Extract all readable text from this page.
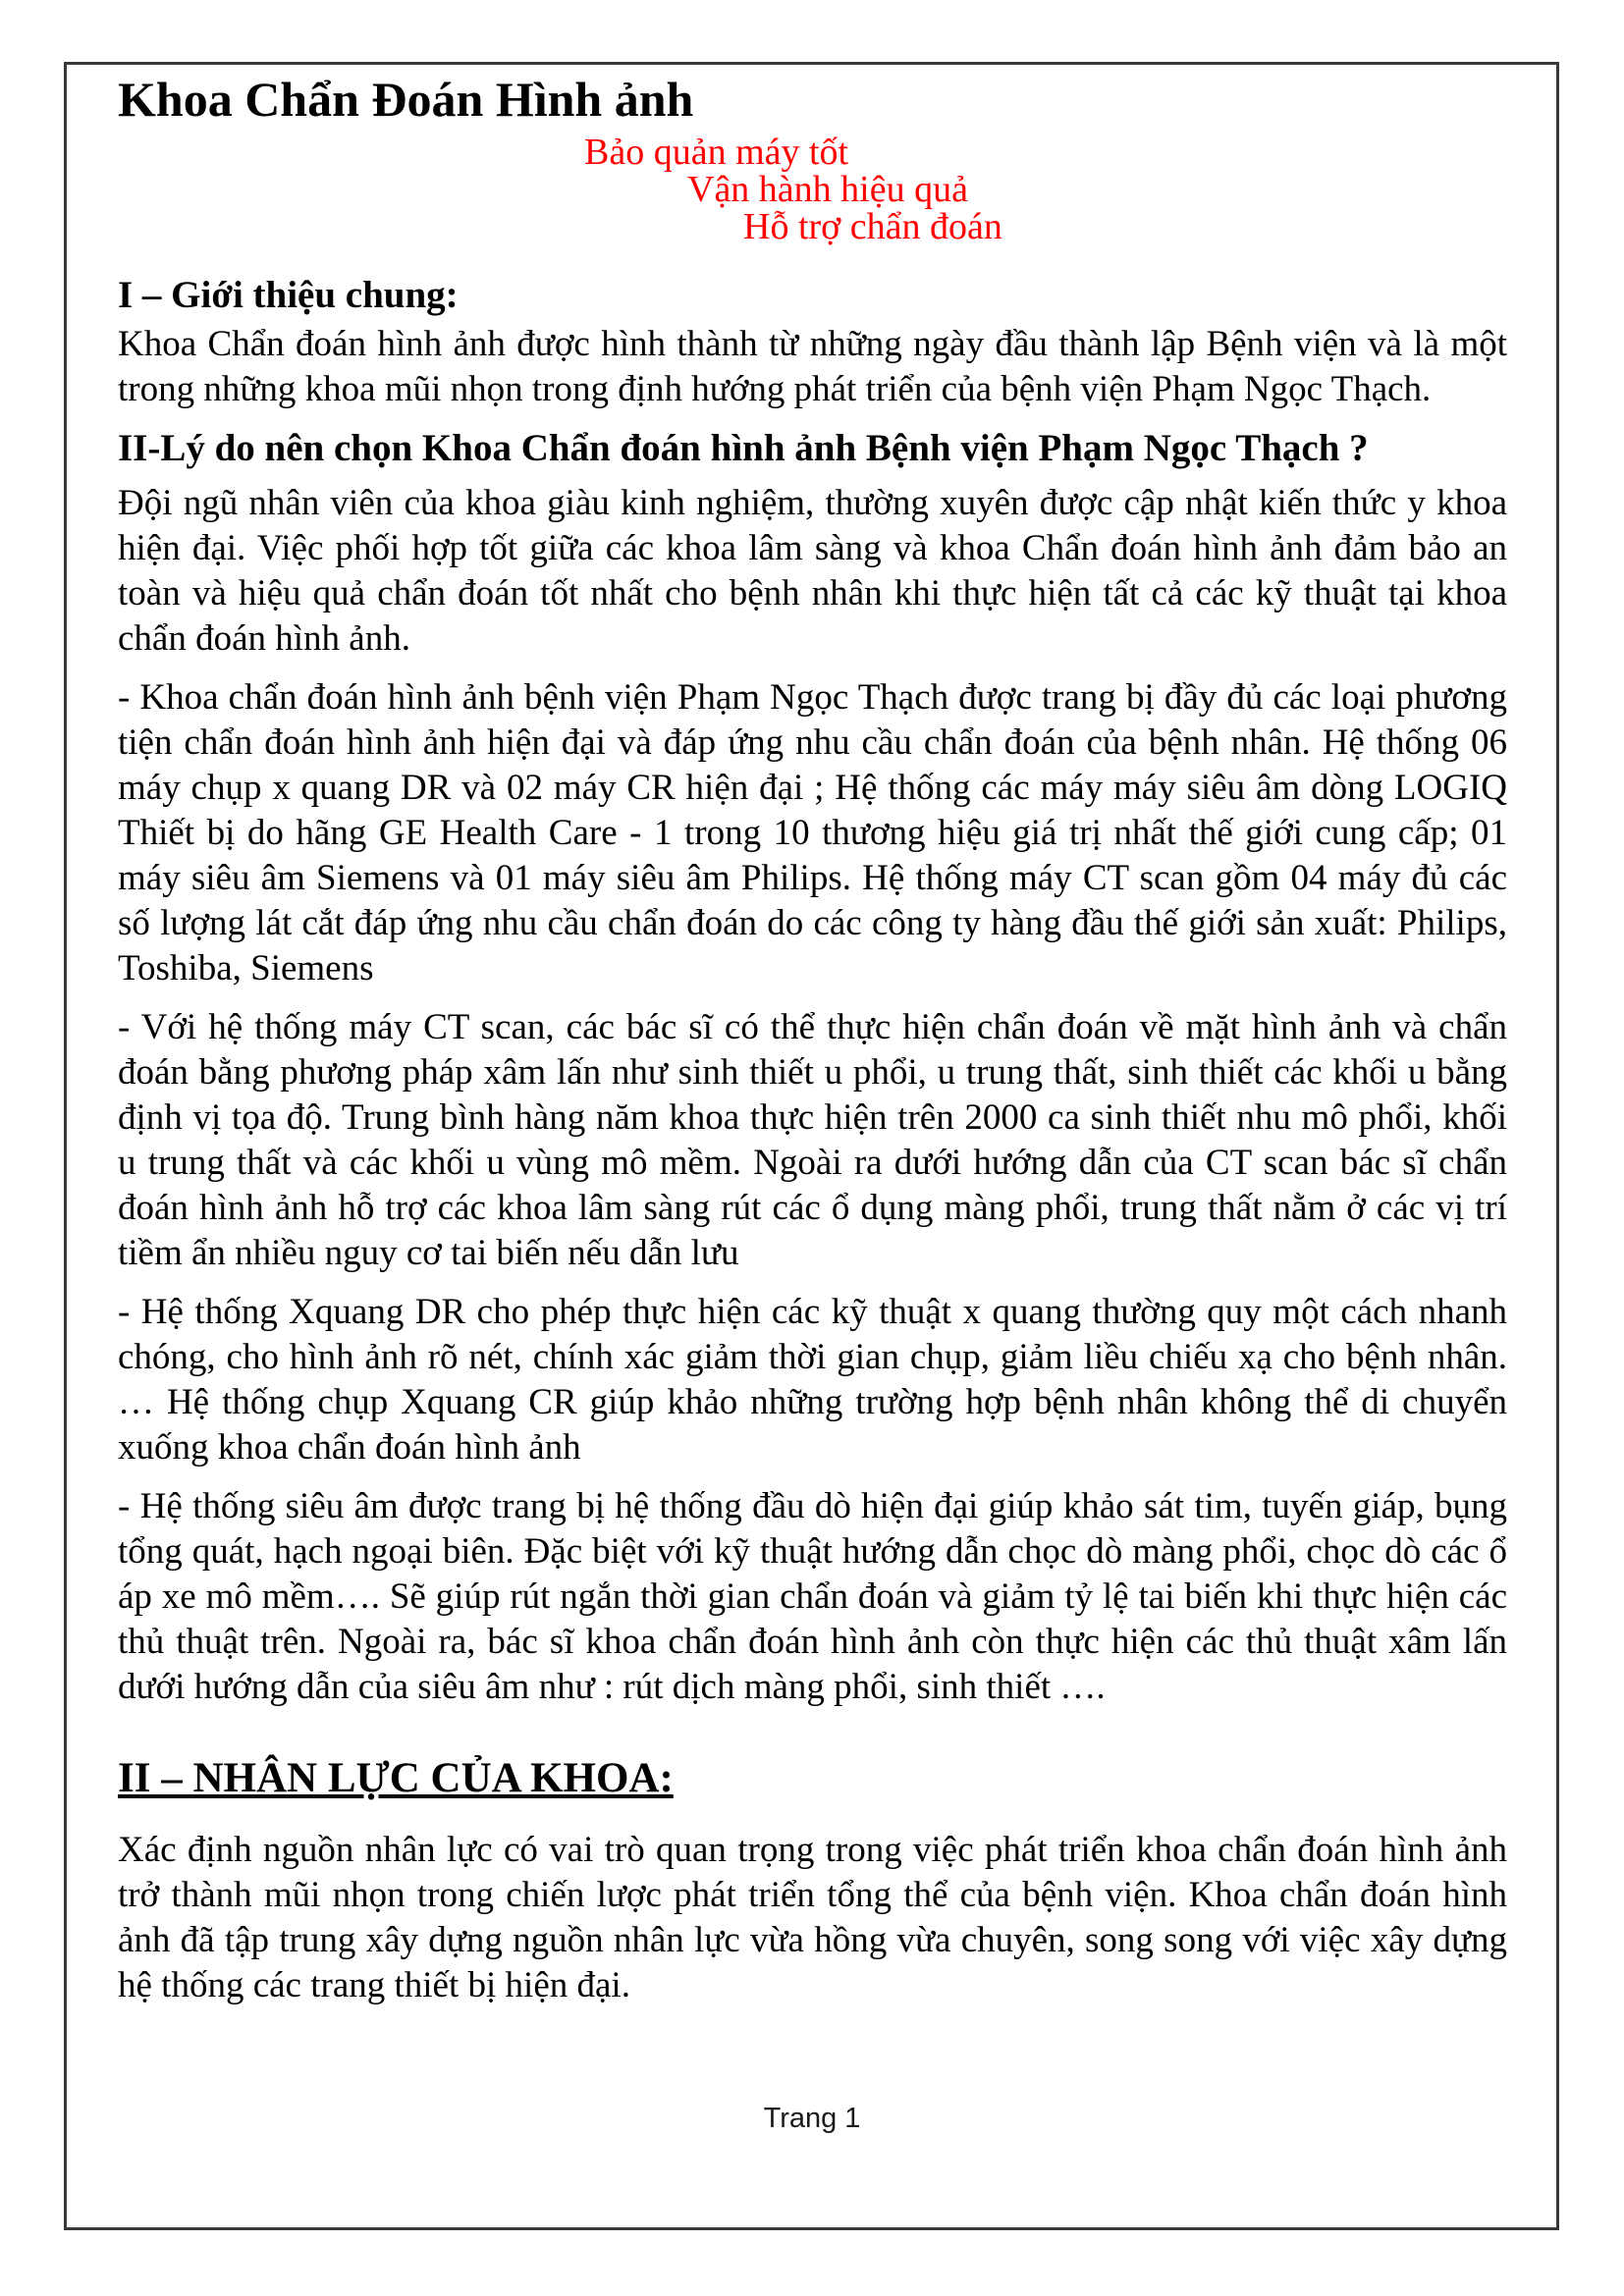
Khoa Chẩn Đoán Hình ảnh
Bảo quản máy tốt
Vận hành hiệu quả
Hỗ trợ chẩn đoán
I – Giới thiệu chung:

Khoa Chẩn đoán hình ảnh được hình thành từ những ngày đầu thành lập Bệnh viện và là một trong những khoa mũi nhọn trong định hướng phát triển của bệnh viện Phạm Ngọc Thạch.

II-Lý do nên chọn Khoa Chẩn đoán hình ảnh Bệnh viện Phạm Ngọc Thạch ?

Đội ngũ nhân viên của khoa giàu kinh nghiệm, thường xuyên được cập nhật kiến thức y khoa hiện đại. Việc phối hợp tốt giữa các khoa lâm sàng và khoa Chẩn đoán hình ảnh đảm bảo an toàn và hiệu quả chẩn đoán tốt nhất cho bệnh nhân khi thực hiện tất cả các kỹ thuật tại khoa chẩn đoán hình ảnh.

- Khoa chẩn đoán hình ảnh bệnh viện Phạm Ngọc Thạch được trang bị đầy đủ các loại phương tiện chẩn đoán hình ảnh hiện đại và đáp ứng nhu cầu chẩn đoán của bệnh nhân. Hệ thống 06 máy chụp x quang DR và 02 máy CR hiện đại ; Hệ thống các máy máy siêu âm dòng LOGIQ Thiết bị do hãng GE Health Care - 1 trong 10 thương hiệu giá trị nhất thế giới cung cấp; 01 máy siêu âm Siemens và 01 máy siêu âm Philips. Hệ thống máy CT scan gồm 04 máy đủ các số lượng lát cắt đáp ứng nhu cầu chẩn đoán do các công ty hàng đầu thế giới sản xuất: Philips, Toshiba, Siemens

- Với hệ thống máy CT scan, các bác sĩ có thể thực hiện chẩn đoán về mặt hình ảnh và chẩn đoán bằng phương pháp xâm lấn như sinh thiết u phổi, u trung thất, sinh thiết các khối u bằng định vị tọa độ. Trung bình hàng năm khoa thực hiện trên 2000 ca sinh thiết nhu mô phổi, khối u trung thất và các khối u vùng mô mềm. Ngoài ra dưới hướng dẫn của CT scan bác sĩ chẩn đoán hình ảnh hỗ trợ các khoa lâm sàng rút các ổ dụng màng phổi, trung thất nằm ở các vị trí tiềm ẩn nhiều nguy cơ tai biến nếu dẫn lưu

- Hệ thống Xquang DR cho phép thực hiện các kỹ thuật x quang thường quy một cách nhanh chóng, cho hình ảnh rõ nét, chính xác giảm thời gian chụp, giảm liều chiếu xạ cho bệnh nhân. … Hệ thống chụp Xquang CR giúp khảo những trường hợp bệnh nhân không thể di chuyển xuống khoa chẩn đoán hình ảnh

- Hệ thống siêu âm được trang bị hệ thống đầu dò hiện đại giúp khảo sát tim, tuyến giáp, bụng tổng quát, hạch ngoại biên. Đặc biệt với kỹ thuật hướng dẫn chọc dò màng phổi, chọc dò các ổ áp xe mô mềm…. Sẽ giúp rút ngắn thời gian chẩn đoán và giảm tỷ lệ tai biến khi thực hiện các thủ thuật trên. Ngoài ra, bác sĩ khoa chẩn đoán hình ảnh còn thực hiện các thủ thuật xâm lấn dưới hướng dẫn của siêu âm như : rút dịch màng phổi, sinh thiết ….

II – NHÂN LỰC CỦA KHOA:

Xác định nguồn nhân lực có vai trò quan trọng trong việc phát triển khoa chẩn đoán hình ảnh trở thành mũi nhọn trong chiến lược phát triển tổng thể của bệnh viện. Khoa chẩn đoán hình ảnh đã tập trung xây dựng nguồn nhân lực vừa hồng vừa chuyên, song song với việc xây dựng hệ thống các trang thiết bị hiện đại.

Trang 1
